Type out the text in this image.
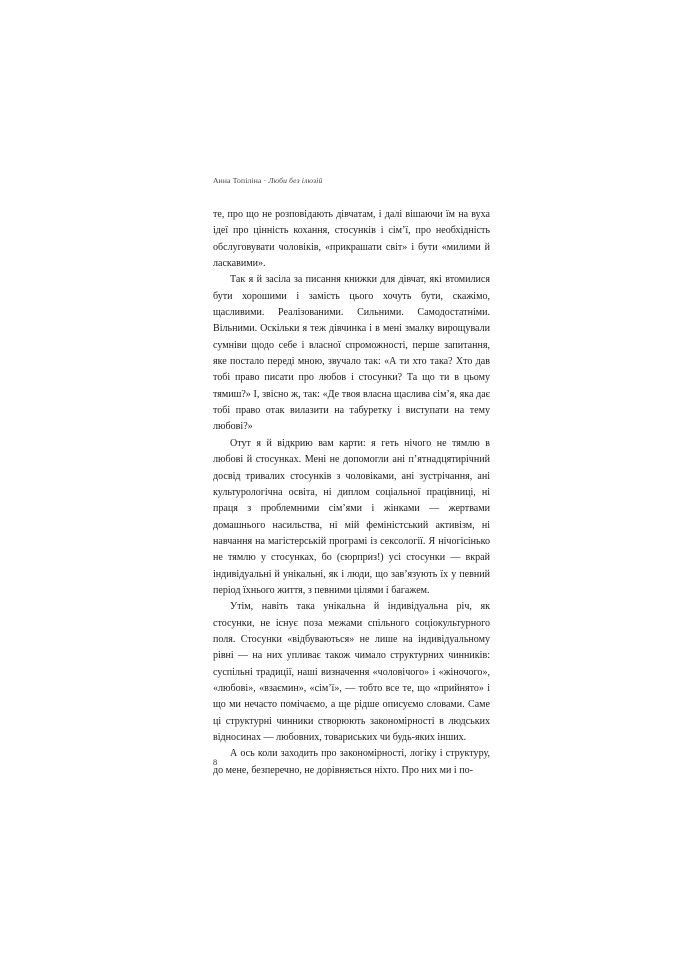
Анна Топіліна · Люби без ілюзій

те, про що не розповідають дівчатам, і далі вішаючи їм на вуха ідеї про цінність кохання, стосунків і сім’ї, про необхідність обслуговувати чоловіків, «прикрашати світ» і бути «милими й ласкавими».

Так я й засіла за писання книжки для дівчат, які втомилися бути хорошими і замість цього хочуть бути, скажімо, щасливими. Реалізованими. Сильними. Самодостатніми. Вільними. Оскільки я теж дівчинка і в мені змалку вирощували сумніви щодо себе і власної спроможності, перше запитання, яке постало переді мною, звучало так: «А ти хто така? Хто дав тобі право писати про любов і стосунки? Та що ти в цьому тямиш?» І, звісно ж, так: «Де твоя власна щаслива сім’я, яка дає тобі право отак вилазити на табуретку і виступати на тему любові?»

Отут я й відкрию вам карти: я геть нічого не тямлю в любові й стосунках. Мені не допомогли ані п’ятнадцятирічний досвід тривалих стосунків з чоловіками, ані зустрічання, ані культурологічна освіта, ні диплом соціальної працівниці, ні праця з проблемними сім’ями і жінками — жертвами домашнього насильства, ні мій феміністський активізм, ні навчання на магістерській програмі із сексології. Я нічогісінько не тямлю у стосунках, бо (сюрприз!) усі стосунки — вкрай індивідуальні й унікальні, як і люди, що зав’язують їх у певний період їхнього життя, з певними цілями і багажем.

Утім, навіть така унікальна й індивідуальна річ, як стосунки, не існує поза межами спільного соціокультурного поля. Стосунки «відбуваються» не лише на індивідуальному рівні — на них упливає також чимало структурних чинників: суспільні традиції, наші визначення «чоловічого» і «жіночого», «любові», «взаємин», «сім’ї», — тобто все те, що «прийнято» і що ми нечасто помічаємо, а ще рідше описуємо словами. Саме ці структурні чинники створюють закономірності в людських відносинах — любовних, товариських чи будь-яких інших.

А ось коли заходить про закономірності, логіку і структуру, до мене, безперечно, не дорівняється ніхто. Про них ми і по-

8
